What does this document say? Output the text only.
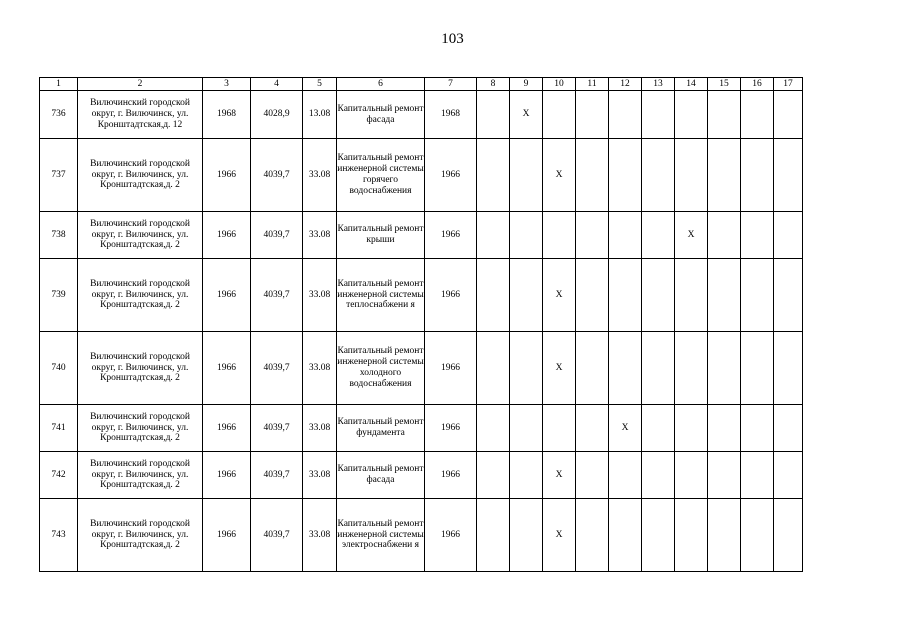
103
1	2	3	4	5	6	7	8	9	10	11	12	13	14	15	16	17
736	Вилючинский городской округ, г. Вилючинск, ул. Кронштадтская,д. 12	1968	4028,9	13.08	Капитальный ремонт фасада	1968		X								
737	Вилючинский городской округ, г. Вилючинск, ул. Кронштадтская,д. 2	1966	4039,7	33.08	Капитальный ремонт инженерной системы горячего водоснабжения	1966			X							
738	Вилючинский городской округ, г. Вилючинск, ул. Кронштадтская,д. 2	1966	4039,7	33.08	Капитальный ремонт крыши	1966							X			
739	Вилючинский городской округ, г. Вилючинск, ул. Кронштадтская,д. 2	1966	4039,7	33.08	Капитальный ремонт инженерной системы теплоснабжени я	1966			X							
740	Вилючинский городской округ, г. Вилючинск, ул. Кронштадтская,д. 2	1966	4039,7	33.08	Капитальный ремонт инженерной системы холодного водоснабжения	1966			X							
741	Вилючинский городской округ, г. Вилючинск, ул. Кронштадтская,д. 2	1966	4039,7	33.08	Капитальный ремонт фундамента	1966					X					
742	Вилючинский городской округ, г. Вилючинск, ул. Кронштадтская,д. 2	1966	4039,7	33.08	Капитальный ремонт фасада	1966			X							
743	Вилючинский городской округ, г. Вилючинск, ул. Кронштадтская,д. 2	1966	4039,7	33.08	Капитальный ремонт инженерной системы электроснабжени я	1966			X							
